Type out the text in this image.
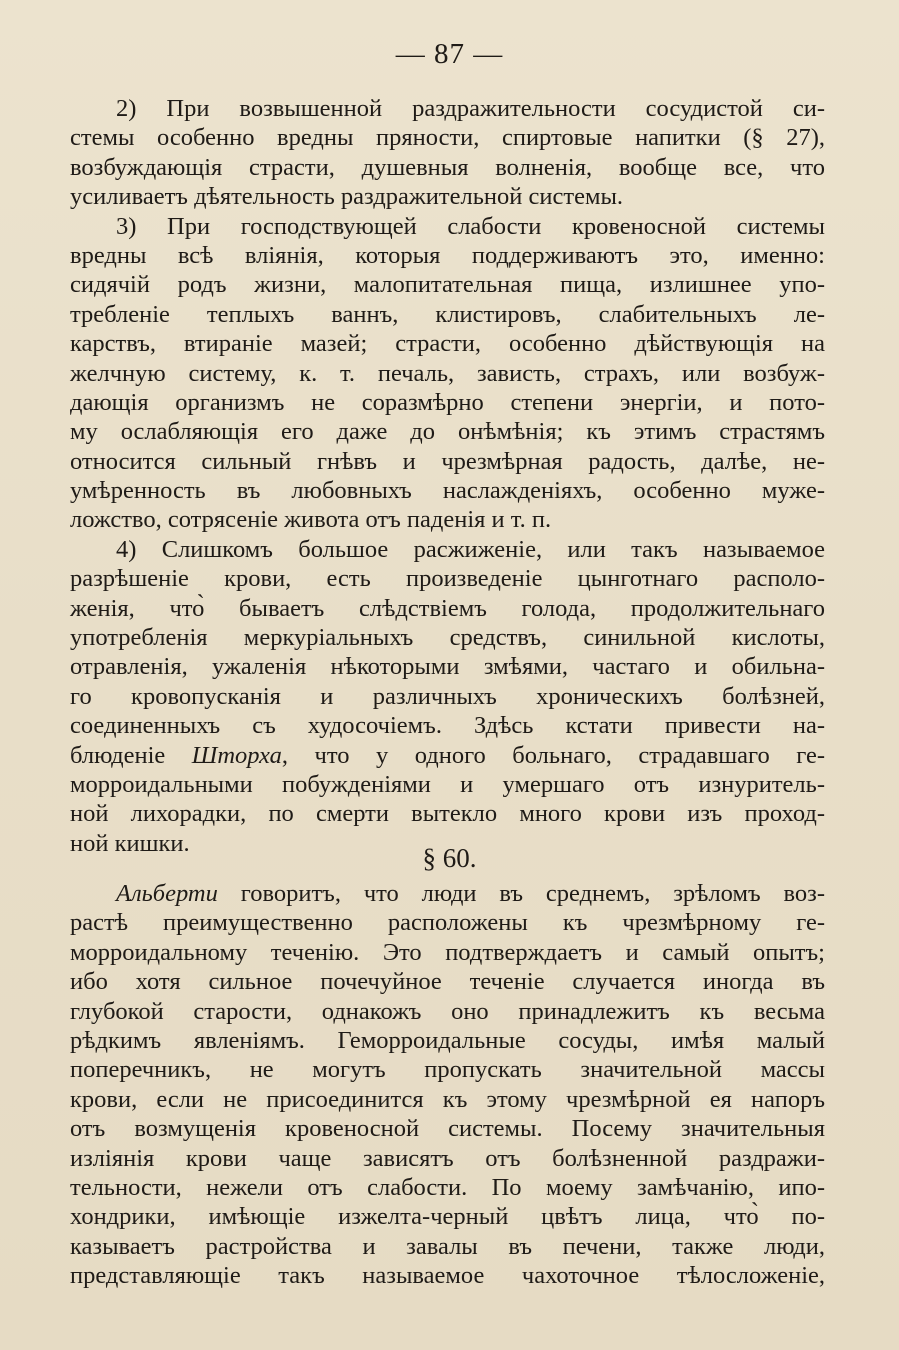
— 87 —
2) При возвышенной раздражительности сосудистой си-
стемы особенно вредны пряности, спиртовые напитки (§ 27),
возбуждающія страсти, душевныя волненія, вообще все, что
усиливаетъ дѣятельность раздражительной системы.
3) При господствующей слабости кровеносной системы
вредны всѣ влiянія, которыя поддерживаютъ это, именно:
сидячій родъ жизни, малопитательная пища, излишнее упо-
требленіе теплыхъ ваннъ, клистировъ, слабительныхъ ле-
карствъ, втираніе мазей; страсти, особенно дѣйствующія на
желчную систему, к. т. печаль, зависть, страхъ, или возбуж-
дающія организмъ не соразмѣрно степени энергіи, и пото-
му ослабляющія его даже до онѣмѣнія; къ этимъ страстямъ
относится сильный гнѣвъ и чрезмѣрная радость, далѣе, не-
умѣренность въ любовныхъ наслажденіяхъ, особенно муже-
ложство, сотрясеніе живота отъ паденія и т. п.
4) Слишкомъ большое расжиженіе, или такъ называемое
разрѣшеніе крови, есть произведеніе цынготнаго располо-
женія, что̀ бываетъ слѣдствіемъ голода, продолжительнаго
употребленія меркуріальныхъ средствъ, синильной кислоты,
отравленія, ужаленія нѣкоторыми змѣями, частаго и обильна-
го кровопусканія и различныхъ хроническихъ болѣзней,
соединенныхъ съ худосочіемъ. Здѣсь кстати привести на-
блюденіе Шторха, что у одного больнаго, страдавшаго ге-
морроидальными побужденіями и умершаго отъ изнуритель-
ной лихорадки, по смерти вытекло много крови изъ проход-
ной кишки.	§ 60.
Альберти говоритъ, что люди въ среднемъ, зрѣломъ воз-
растѣ преимущественно расположены къ чрезмѣрному ге-
морроидальному теченію. Это подтверждаетъ и самый опытъ;
ибо хотя сильное почечуйное теченіе случается иногда въ
глубокой старости, однакожъ оно принадлежитъ къ весьма
рѣдкимъ явленіямъ. Геморроидальные сосуды, имѣя малый
поперечникъ, не могутъ пропускать значительной массы
крови, если не присоединится къ этому чрезмѣрной ея напоръ
отъ возмущенія кровеносной системы. Посему значительныя
изліянія крови чаще зависятъ отъ болѣзненной раздражи-
тельности, нежели отъ слабости. По моему замѣчанію, ипо-
хондрики, имѣющіе изжелта-черный цвѣтъ лица, что̀ по-
казываетъ растройства и завалы въ печени, также люди,
представляющіе такъ называемое чахоточное тѣлосложеніе,
